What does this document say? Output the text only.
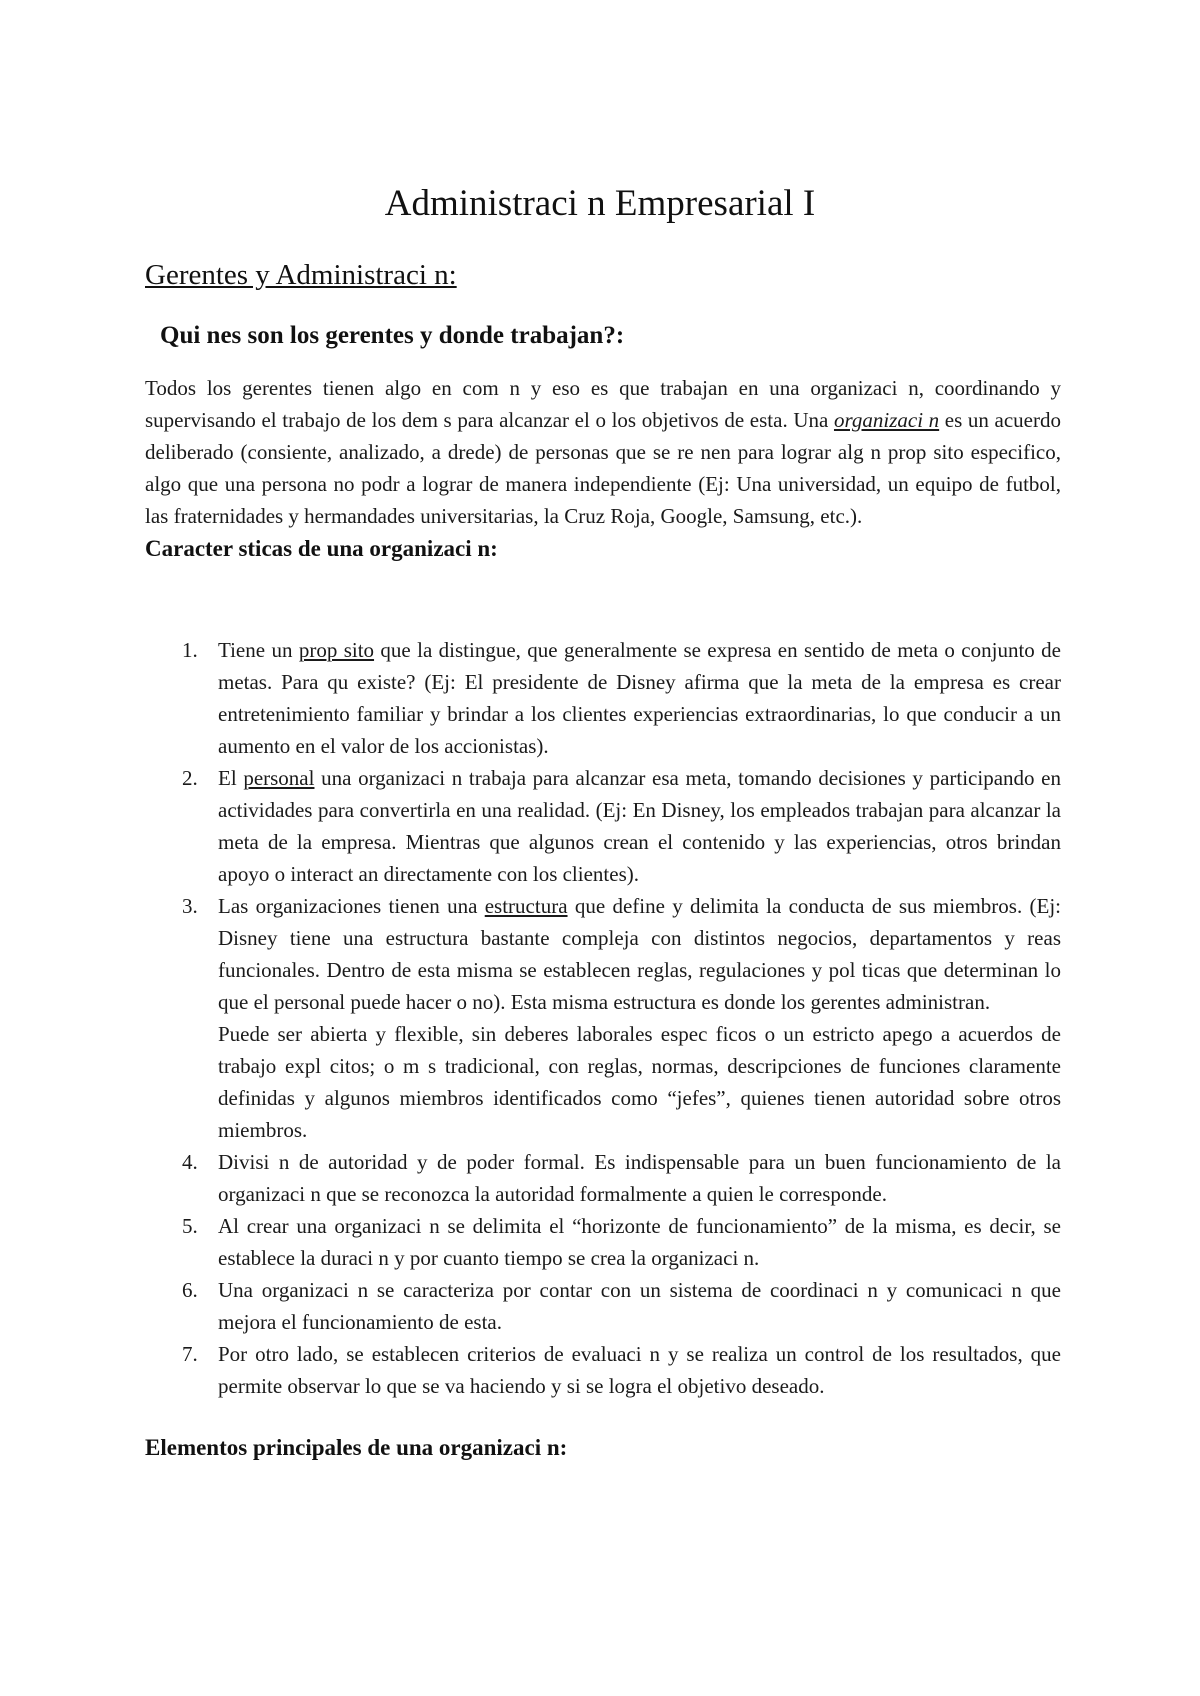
Administraci n Empresarial I
Gerentes y Administraci n:
Qui nes son los gerentes y donde trabajan?:

Todos los gerentes tienen algo en com n y eso es que trabajan en una organizaci n, coordinando y supervisando el trabajo de los dem s para alcanzar el o los objetivos de esta. Una organizaci n es un acuerdo deliberado (consiente, analizado, a drede) de personas que se re nen para lograr alg n prop sito especifico, algo que una persona no podr a lograr de manera independiente (Ej: Una universidad, un equipo de futbol, las fraternidades y hermandades universitarias, la Cruz Roja, Google, Samsung, etc.).

Caracter sticas de una organizaci n:
1. Tiene un prop sito que la distingue, que generalmente se expresa en sentido de meta o conjunto de metas. Para qu existe? (Ej: El presidente de Disney afirma que la meta de la empresa es crear entretenimiento familiar y brindar a los clientes experiencias extraordinarias, lo que conducir a un aumento en el valor de los accionistas).
2. El personal una organizaci n trabaja para alcanzar esa meta, tomando decisiones y participando en actividades para convertirla en una realidad. (Ej: En Disney, los empleados trabajan para alcanzar la meta de la empresa. Mientras que algunos crean el contenido y las experiencias, otros brindan apoyo o interact an directamente con los clientes).
3. Las organizaciones tienen una estructura que define y delimita la conducta de sus miembros. (Ej: Disney tiene una estructura bastante compleja con distintos negocios, departamentos y reas funcionales. Dentro de esta misma se establecen reglas, regulaciones y pol ticas que determinan lo que el personal puede hacer o no). Esta misma estructura es donde los gerentes administran.
Puede ser abierta y flexible, sin deberes laborales espec ficos o un estricto apego a acuerdos de trabajo expl citos; o m s tradicional, con reglas, normas, descripciones de funciones claramente definidas y algunos miembros identificados como “jefes”, quienes tienen autoridad sobre otros miembros.
4. Divisi n de autoridad y de poder formal. Es indispensable para un buen funcionamiento de la organizaci n que se reconozca la autoridad formalmente a quien le corresponde.
5. Al crear una organizaci n se delimita el “horizonte de funcionamiento” de la misma, es decir, se establece la duraci n y por cuanto tiempo se crea la organizaci n.
6. Una organizaci n se caracteriza por contar con un sistema de coordinaci n y comunicaci n que mejora el funcionamiento de esta.
7. Por otro lado, se establecen criterios de evaluaci n y se realiza un control de los resultados, que permite observar lo que se va haciendo y si se logra el objetivo deseado.
Elementos principales de una organizaci n:
